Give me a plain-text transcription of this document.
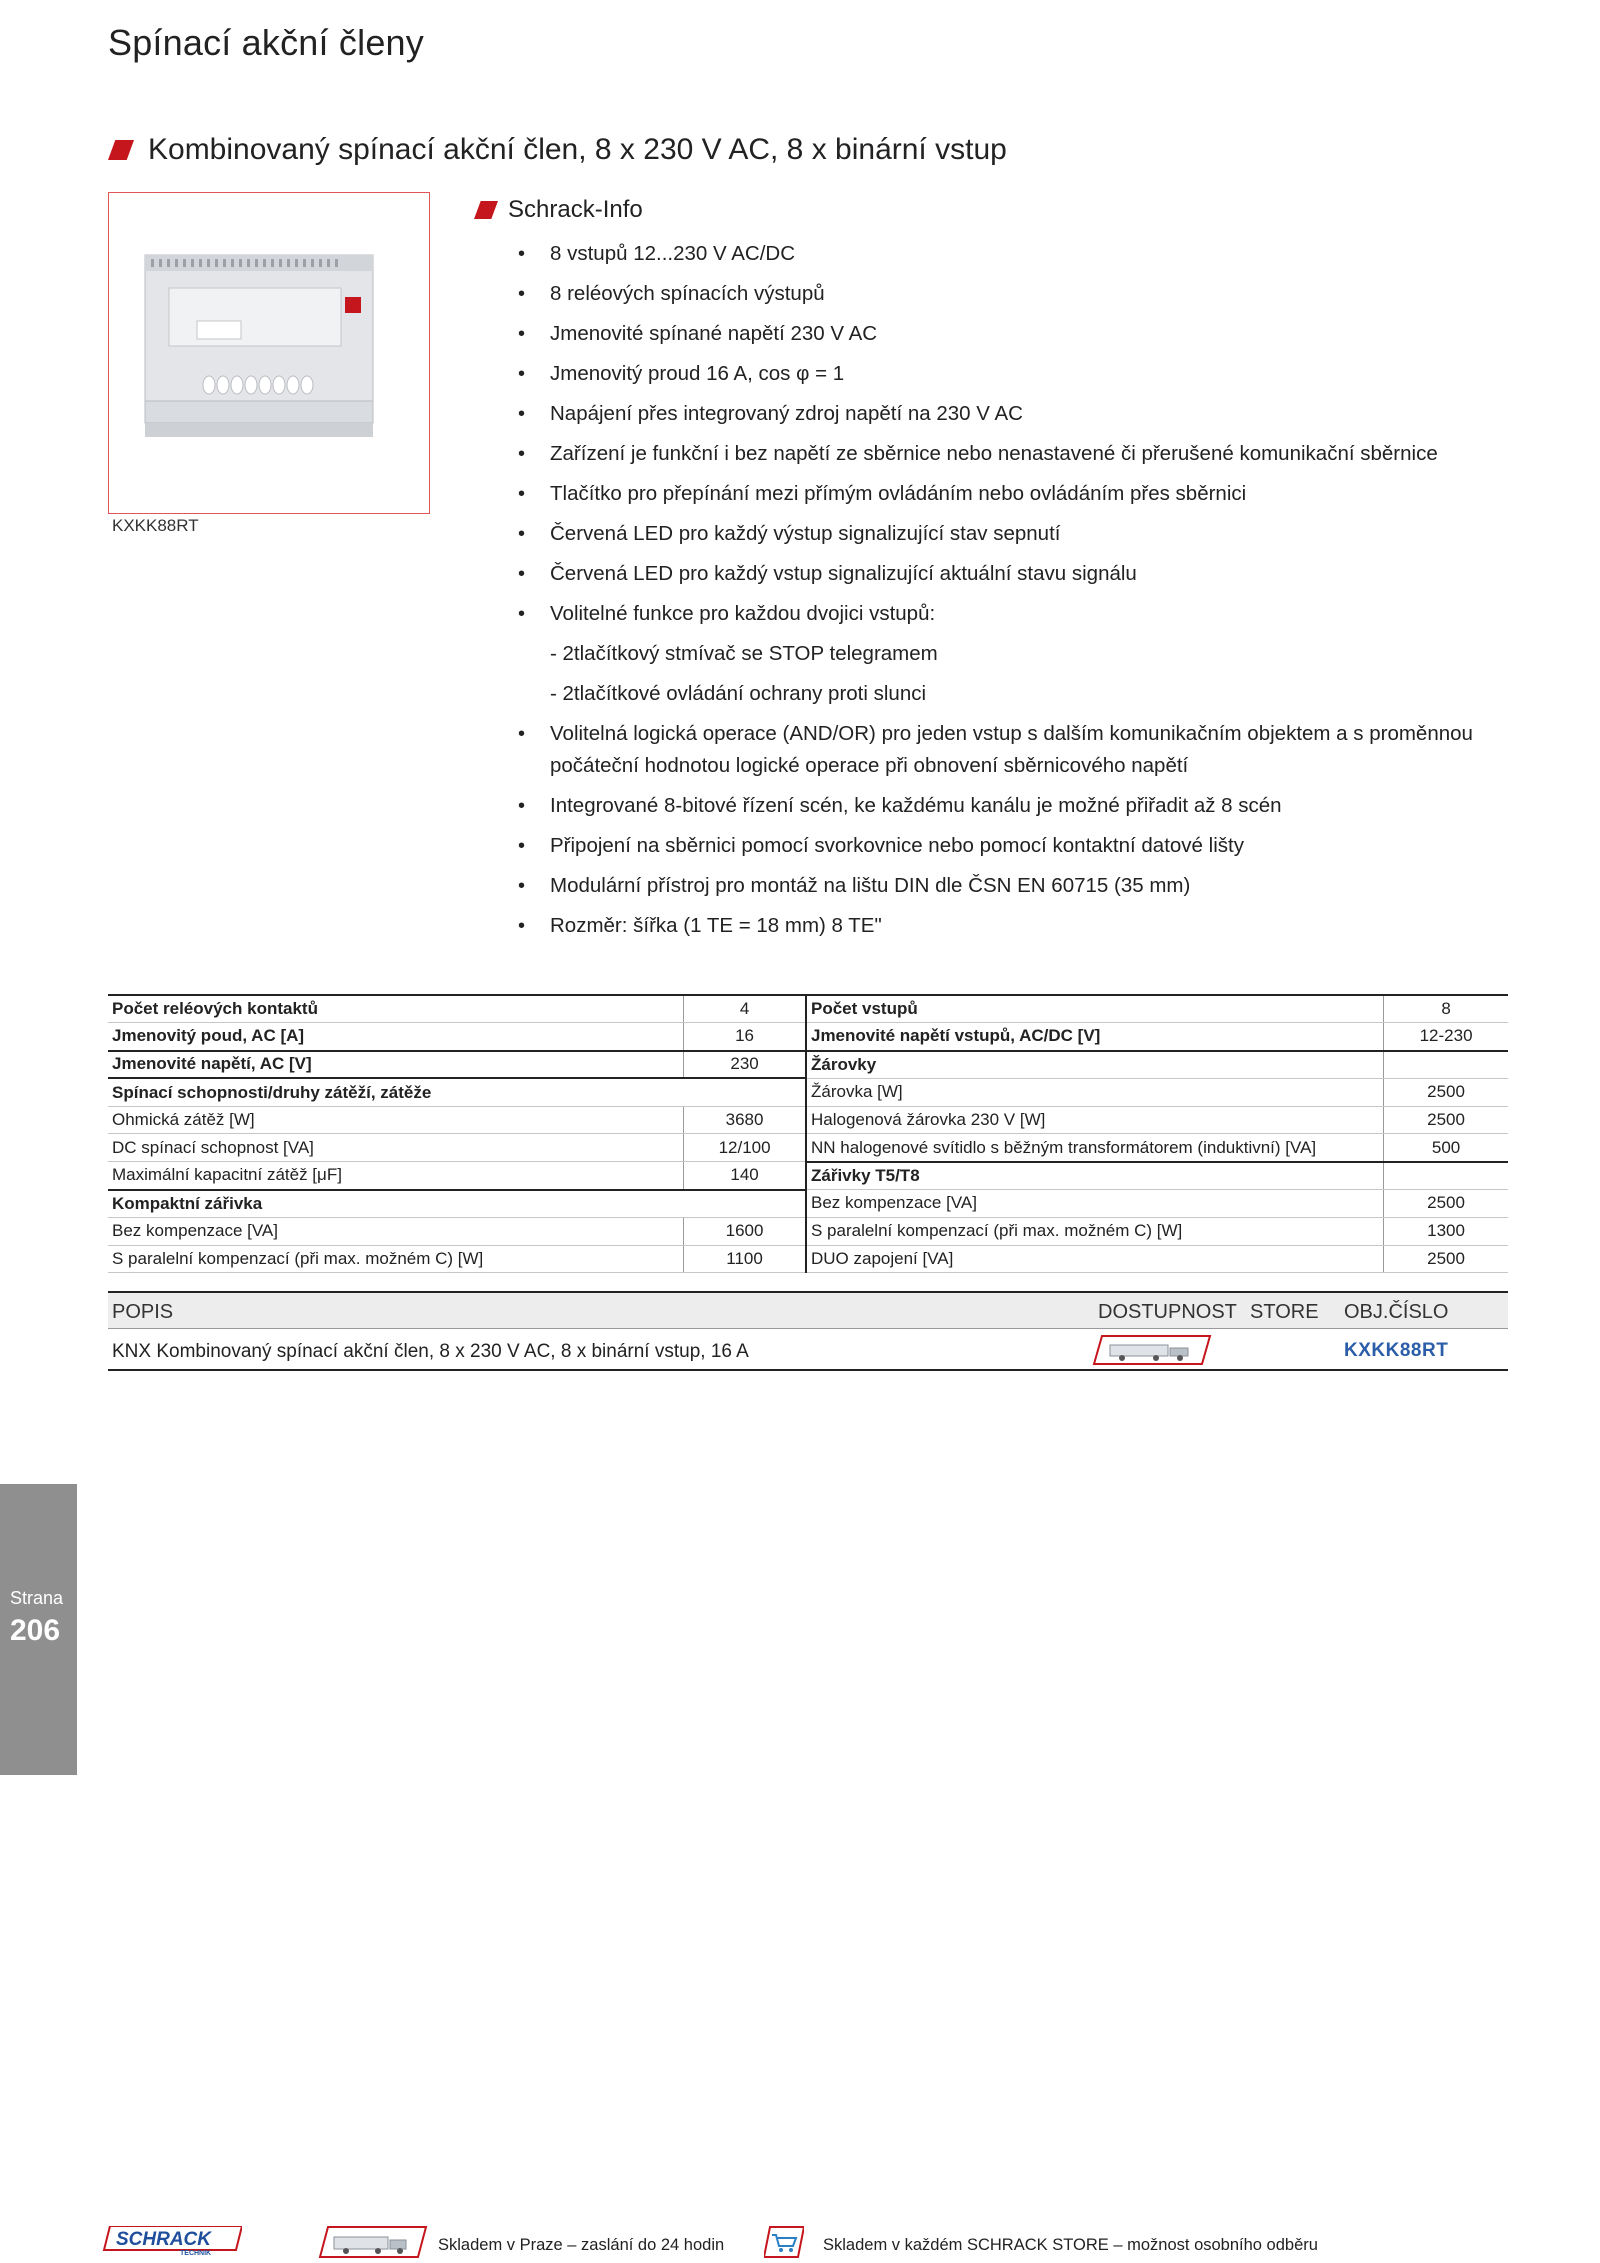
Spínací akční členy
Kombinovaný spínací akční člen, 8 x 230 V AC, 8 x binární vstup
KXKK88RT
Schrack-Info
• 8 vstupů 12...230 V AC/DC
• 8 reléových spínacích výstupů
• Jmenovité spínané napětí 230 V AC
• Jmenovitý proud 16 A, cos φ = 1
• Napájení přes integrovaný zdroj napětí na 230 V AC
• Zařízení je funkční i bez napětí ze sběrnice nebo nenastavené či přerušené komunikační sběrnice
• Tlačítko pro přepínání mezi přímým ovládáním nebo ovládáním přes sběrnici
• Červená LED pro každý výstup signalizující stav sepnutí
• Červená LED pro každý vstup signalizující aktuální stavu signálu
• Volitelné funkce pro každou dvojici vstupů:
- 2tlačítkový stmívač se STOP telegramem
- 2tlačítkové ovládání ochrany proti slunci
• Volitelná logická operace (AND/OR) pro jeden vstup s dalším komunikačním objektem a s proměnnou počáteční hodnotou logické operace při obnovení sběrnicového napětí
• Integrované 8-bitové řízení scén, ke každému kanálu je možné přiřadit až 8 scén
• Připojení na sběrnici pomocí svorkovnice nebo pomocí kontaktní datové lišty
• Modulární přístroj pro montáž na lištu DIN dle ČSN EN 60715 (35 mm)
• Rozměr: šířka (1 TE = 18 mm) 8 TE"
Počet reléových kontaktů	4	Počet vstupů	8
Jmenovitý poud, AC [A]	16	Jmenovité napětí vstupů, AC/DC [V]	12-230
Jmenovité napětí, AC [V]	230	Žárovky	
Spínací schopnosti/druhy zátěží, zátěže		Žárovka [W]	2500
Ohmická zátěž [W]	3680	Halogenová žárovka 230 V [W]	2500
DC spínací schopnost [VA]	12/100	NN halogenové svítidlo s běžným transformátorem (induktivní) [VA]	500
Maximální kapacitní zátěž [μF]	140	Zářivky T5/T8	
Kompaktní zářivka		Bez kompenzace [VA]	2500
Bez kompenzace [VA]	1600	S paralelní kompenzací (při max. možném C) [W]	1300
S paralelní kompenzací (při max. možném C) [W]	1100	DUO zapojení [VA]	2500
POPIS	DOSTUPNOST STORE OBJ.ČÍSLO
KNX Kombinovaný spínací akční člen, 8 x 230 V AC, 8 x binární vstup, 16 A	KXKK88RT
Strana
206
SCHRACK
TECHNIK	Skladem v Praze – zaslání do 24 hodin	Skladem v každém SCHRACK STORE – možnost osobního odběru
